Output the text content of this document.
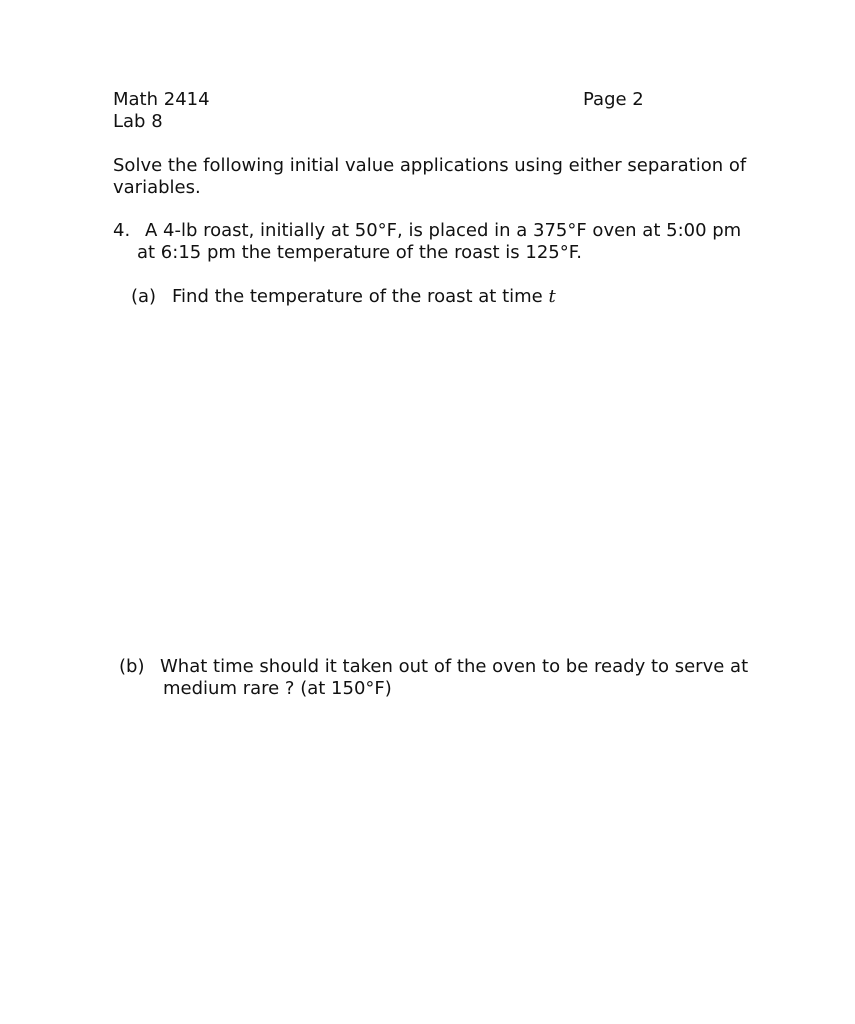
Math 2414	Page 2
Lab 8
Solve the following initial value applications using either separation of
variables.
4. A 4-lb roast, initially at 50°F, is placed in a 375°F oven at 5:00 pm
at 6:15 pm the temperature of the roast is 125°F.
(a) Find the temperature of the roast at time t
(b) What time should it taken out of the oven to be ready to serve at
medium rare ? (at 150°F)
